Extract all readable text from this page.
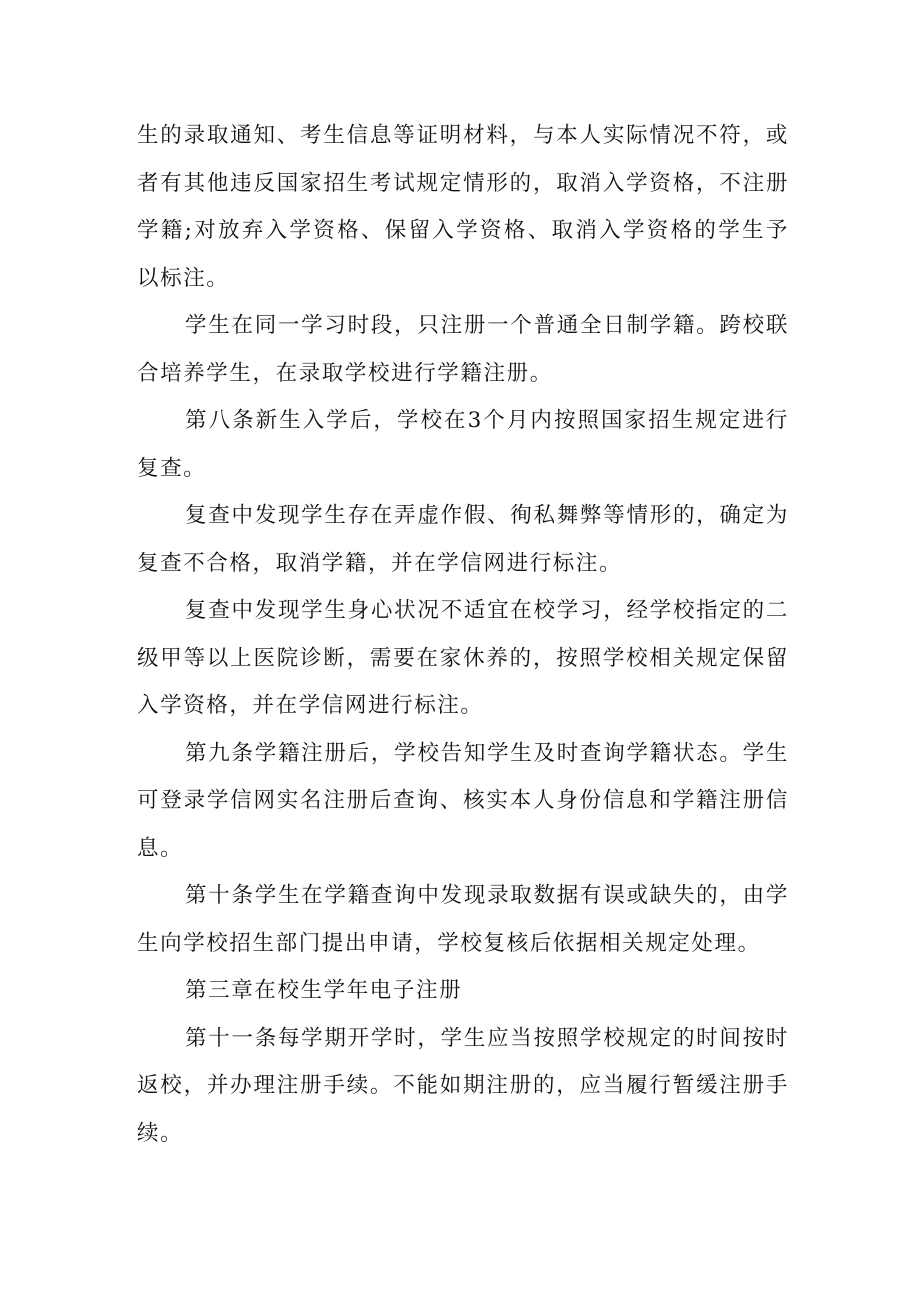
生的录取通知、考生信息等证明材料，与本人实际情况不符，或者有其他违反国家招生考试规定情形的，取消入学资格，不注册学籍;对放弃入学资格、保留入学资格、取消入学资格的学生予以标注。

学生在同一学习时段，只注册一个普通全日制学籍。跨校联合培养学生，在录取学校进行学籍注册。

第八条新生入学后，学校在3个月内按照国家招生规定进行复查。

复查中发现学生存在弄虚作假、徇私舞弊等情形的，确定为复查不合格，取消学籍，并在学信网进行标注。

复查中发现学生身心状况不适宜在校学习，经学校指定的二级甲等以上医院诊断，需要在家休养的，按照学校相关规定保留入学资格，并在学信网进行标注。

第九条学籍注册后，学校告知学生及时查询学籍状态。学生可登录学信网实名注册后查询、核实本人身份信息和学籍注册信息。

第十条学生在学籍查询中发现录取数据有误或缺失的，由学生向学校招生部门提出申请，学校复核后依据相关规定处理。

第三章在校生学年电子注册

第十一条每学期开学时，学生应当按照学校规定的时间按时返校，并办理注册手续。不能如期注册的，应当履行暂缓注册手续。
